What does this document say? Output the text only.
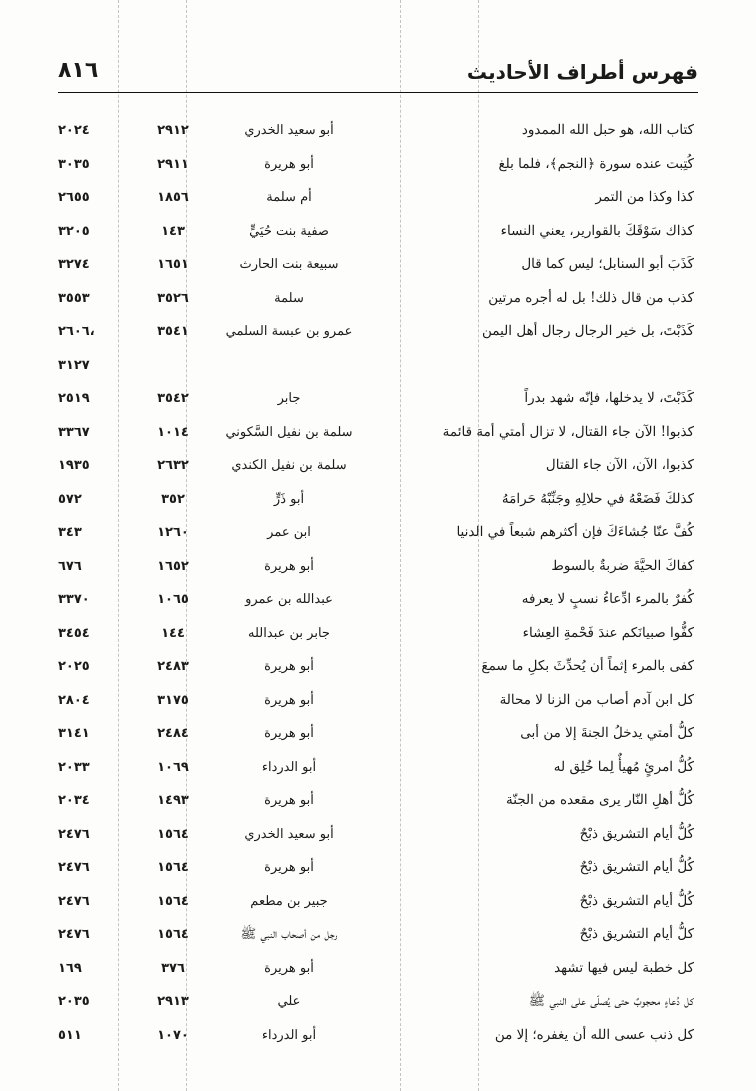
فهرس أطراف الأحاديث
٨١٦
كتاب الله، هو حبل الله الممدود
أبو سعيد الخدري
٢٩١٢
٢٠٢٤
كُتِبت عنده سورة ﴿النجم﴾، فلما بلغ
أبو هريرة
٢٩١١
٣٠٣٥
كذا وكذا من التمر
أم سلمة
١٨٥٦
٢٦٥٥
كذاك سَوْقَكَ بالقوارير، يعني النساء
صفية بنت حُيَيٍّ
١٤٣
٣٢٠٥
كَذَبَ أبو السنابل؛ ليس كما قال
سبيعة بنت الحارث
١٦٥١
٣٢٧٤
كذب من قال ذلك! بل له أجره مرتين
سلمة
٣٥٢٦
٣٥٥٣
كَذَبْتَ، بل خير الرجال رجال أهل اليمن
عمرو بن عبسة السلمي
٣٥٤١
،٢٦٠٦
٣١٢٧
كَذَبْتَ، لا يدخلها، فإنّه شهد بدراً
جابر
٣٥٤٢
٢٥١٩
كذبوا! الآن جاء القتال، لا تزال أمتي أمة قائمة
سلمة بن نفيل السَّكوني
١٠١٤
٣٣٦٧
كذبوا، الآن، الآن جاء القتال
سلمة بن نفيل الكندي
٢٦٣٢
١٩٣٥
كذلكَ فَضَعْهُ في حلالِهِ وجَنِّبْهُ حَرامَهُ
أبو ذَرٍّ
٣٥٢
٥٧٢
كُفَّ عنّا جُشاءَكَ فإن أكثرهم شبعاً في الدنيا
ابن عمر
١٢٦٠
٣٤٣
كفاكَ الحيَّةَ ضربةٌ بالسوط
أبو هريرة
١٦٥٢
٦٧٦
كُفرٌ بالمرء ادِّعاءُ نسبٍ لا يعرفه
عبدالله بن عمرو
١٠٦٥
٣٣٧٠
كفُّوا صبيانَكم عندَ فَحْمةِ العِشاء
جابر بن عبدالله
١٤٤
٣٤٥٤
كفى بالمرء إثماً أن يُحدِّثَ بكلِ ما سمعَ
أبو هريرة
٢٤٨٣
٢٠٢٥
كل ابن آدم أصاب من الزنا لا محالة
أبو هريرة
٣١٧٥
٢٨٠٤
كلُّ أمتي يدخلُ الجنةَ إلا من أبى
أبو هريرة
٢٤٨٤
٣١٤١
كُلُّ امرئٍ مُهيأٌ لِما خُلِق له
أبو الدرداء
١٠٦٩
٢٠٣٣
كُلُّ أهلِ النّار يرى مقعده من الجنّة
أبو هريرة
١٤٩٣
٢٠٣٤
كُلُّ أيام التشريق ذبْحٌ
أبو سعيد الخدري
١٥٦٤
٢٤٧٦
كُلُّ أيام التشريق ذبْحٌ
أبو هريرة
١٥٦٤
٢٤٧٦
كُلُّ أيام التشريق ذبْحٌ
جبير بن مطعم
١٥٦٤
٢٤٧٦
كلُّ أيام التشريق ذبْحٌ
رجل من أصحاب النبي ﷺ
١٥٦٤
٢٤٧٦
كل خطبة ليس فيها تشهد
أبو هريرة
٣٧٦
١٦٩
كل دُعاءٍ محجوبٌ حتى يُصلّى على النبي ﷺ
علي
٢٩١٣
٢٠٣٥
كل ذنب عسى الله أن يغفره؛ إلا من
أبو الدرداء
١٠٧٠
٥١١
